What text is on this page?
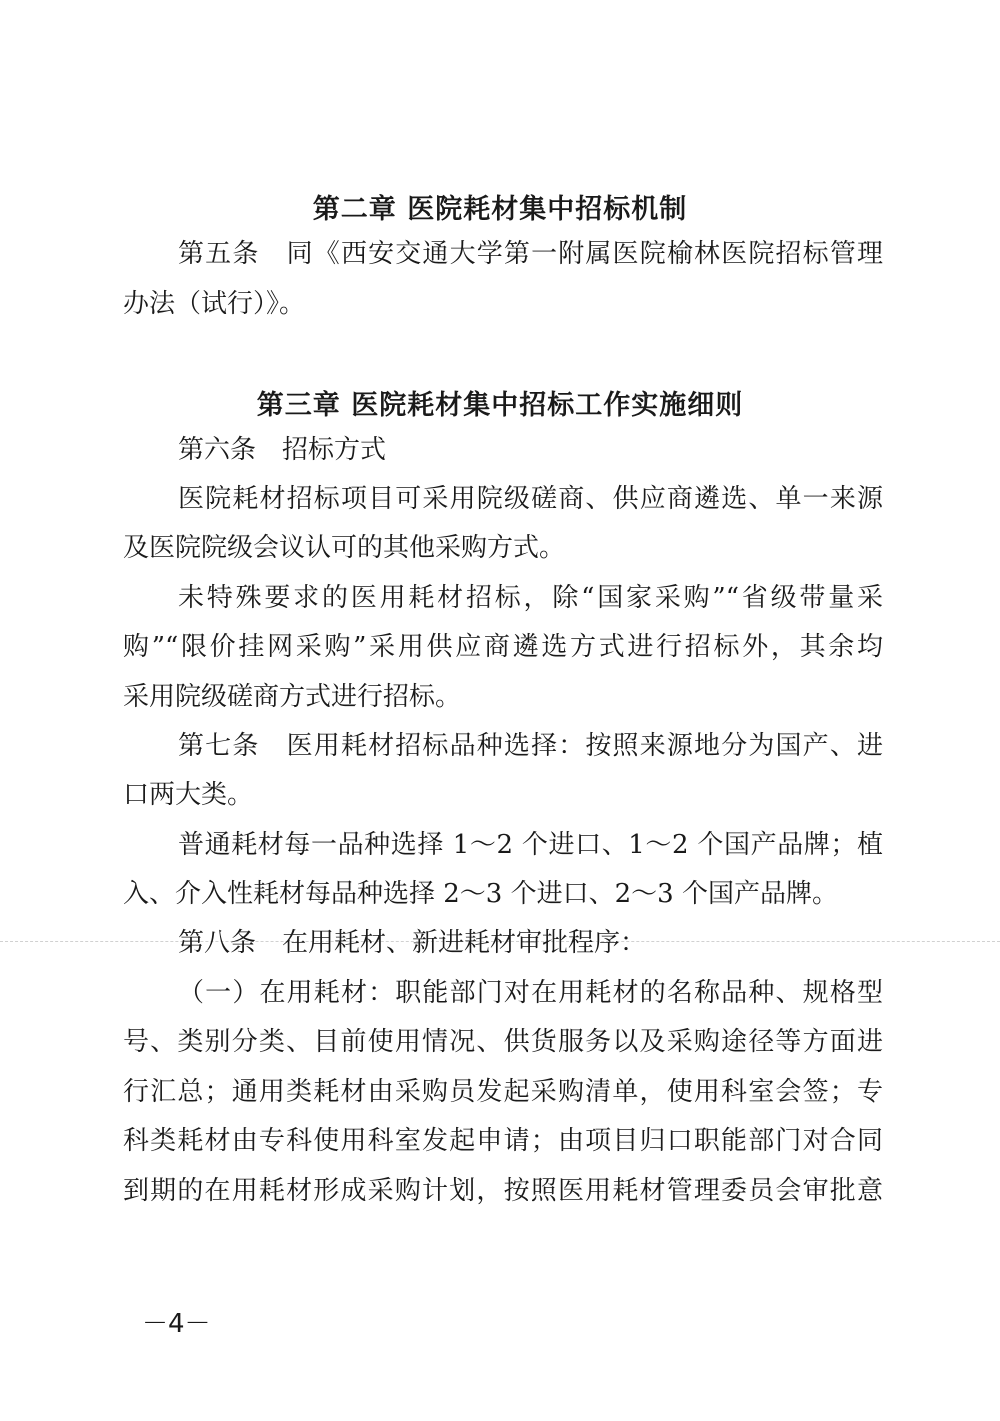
第二章 医院耗材集中招标机制
第五条　同《西安交通大学第一附属医院榆林医院招标管理
办法（试行）》。
第三章 医院耗材集中招标工作实施细则
第六条　招标方式
医院耗材招标项目可采用院级磋商、供应商遴选、单一来源
及医院院级会议认可的其他采购方式。
未特殊要求的医用耗材招标，除“国家采购”“省级带量采
购”“限价挂网采购”采用供应商遴选方式进行招标外，其余均
采用院级磋商方式进行招标。
第七条　医用耗材招标品种选择：按照来源地分为国产、进
口两大类。
普通耗材每一品种选择 1～2 个进口、1～2 个国产品牌；植
入、介入性耗材每品种选择 2～3 个进口、2～3 个国产品牌。
第八条　在用耗材、新进耗材审批程序：
（一）在用耗材：职能部门对在用耗材的名称品种、规格型
号、类别分类、目前使用情况、供货服务以及采购途径等方面进
行汇总；通用类耗材由采购员发起采购清单，使用科室会签；专
科类耗材由专科使用科室发起申请；由项目归口职能部门对合同
到期的在用耗材形成采购计划，按照医用耗材管理委员会审批意
－4－
